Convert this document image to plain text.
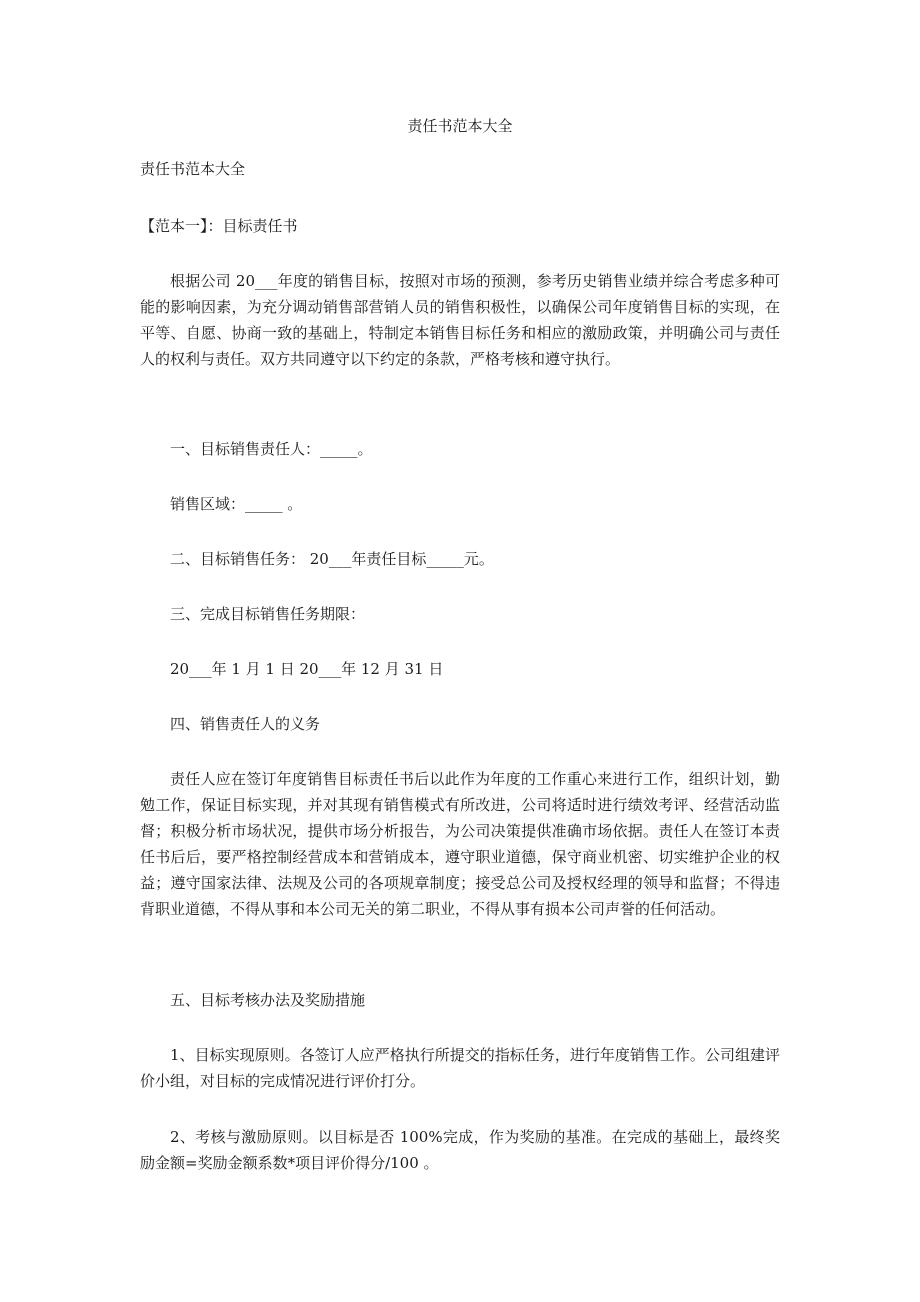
责任书范本大全

责任书范本大全

【范本一】：目标责任书

根据公司 20___年度的销售目标，按照对市场的预测，参考历史销售业绩并综合考虑多种可能的影响因素，为充分调动销售部营销人员的销售积极性，以确保公司年度销售目标的实现，在平等、自愿、协商一致的基础上，特制定本销售目标任务和相应的激励政策，并明确公司与责任人的权利与责任。双方共同遵守以下约定的条款，严格考核和遵守执行。

一、目标销售责任人：_____。

销售区域：_____ 。

二、目标销售任务： 20___年责任目标_____元。

三、完成目标销售任务期限：

20___年 1 月 1 日 20___年 12 月 31 日

四、销售责任人的义务

责任人应在签订年度销售目标责任书后以此作为年度的工作重心来进行工作，组织计划，勤勉工作，保证目标实现，并对其现有销售模式有所改进，公司将适时进行绩效考评、经营活动监督；积极分析市场状况，提供市场分析报告，为公司决策提供准确市场依据。责任人在签订本责任书后后，要严格控制经营成本和营销成本，遵守职业道德，保守商业机密、切实维护企业的权益；遵守国家法律、法规及公司的各项规章制度；接受总公司及授权经理的领导和监督；不得违背职业道德，不得从事和本公司无关的第二职业，不得从事有损本公司声誉的任何活动。

五、目标考核办法及奖励措施

1、目标实现原则。各签订人应严格执行所提交的指标任务，进行年度销售工作。公司组建评价小组，对目标的完成情况进行评价打分。

2、考核与激励原则。以目标是否 100%完成，作为奖励的基准。在完成的基础上，最终奖励金额=奖励金额系数*项目评价得分/100 。
